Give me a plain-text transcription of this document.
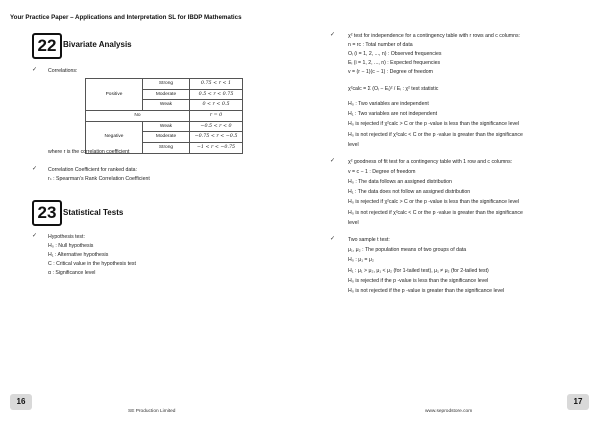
Your Practice Paper – Applications and Interpretation SL for IBDP Mathematics
22 Bivariate Analysis
✓ Correlations:
Positive	Strong	0.75 < r < 1
	Moderate	0.5 < r < 0.75
	Weak	0 < r < 0.5
No		r = 0
Negative	Weak	−0.5 < r < 0
	Moderate	−0.75 < r < −0.5
	Strong	−1 < r < −0.75
where r is the correlation coefficient
✓ Correlation Coefficient for ranked data:
rₛ : Spearman’s Rank Correlation Coefficient
23 Statistical Tests
✓ Hypothesis test:
H₀ : Null hypothesis
H₁ : Alternative hypothesis
C : Critical value in the hypothesis test
α : Significance level
✓ χ² test for independence for a contingency table with r rows and c columns:
n = rc : Total number of data
Oᵢ (i = 1, 2, ..., n) : Observed frequencies
Eᵢ (i = 1, 2, ..., n) : Expected frequencies
v = (r − 1)(c − 1) : Degree of freedom
χ²calc = Σ (Oᵢ − Eᵢ)² / Eᵢ : χ² test statistic
H₀ : Two variables are independent
H₁ : Two variables are not independent
H₀ is rejected if χ²calc > C or the p -value is less than the significance level
H₀ is not rejected if χ²calc < C or the p -value is greater than the significance
level
✓ χ² goodness of fit test for a contingency table with 1 row and c columns:
v = c − 1 : Degree of freedom
H₀ : The data follows an assigned distribution
H₁ : The data does not follow an assigned distribution
H₀ is rejected if χ²calc > C or the p -value is less than the significance level
H₀ is not rejected if χ²calc < C or the p -value is greater than the significance
level
✓ Two sample t test:
μ₁, μ₂ : The population means of two groups of data
H₀ : μ₁ = μ₂
H₁ : μ₁ > μ₂, μ₁ < μ₂ (for 1-tailed test), μ₁ ≠ μ₂ (for 2-tailed test)
H₀ is rejected if the p -value is less than the significance level
H₀ is not rejected if the p -value is greater than the significance level
16	17
SE Production Limited	www.seprodstore.com
